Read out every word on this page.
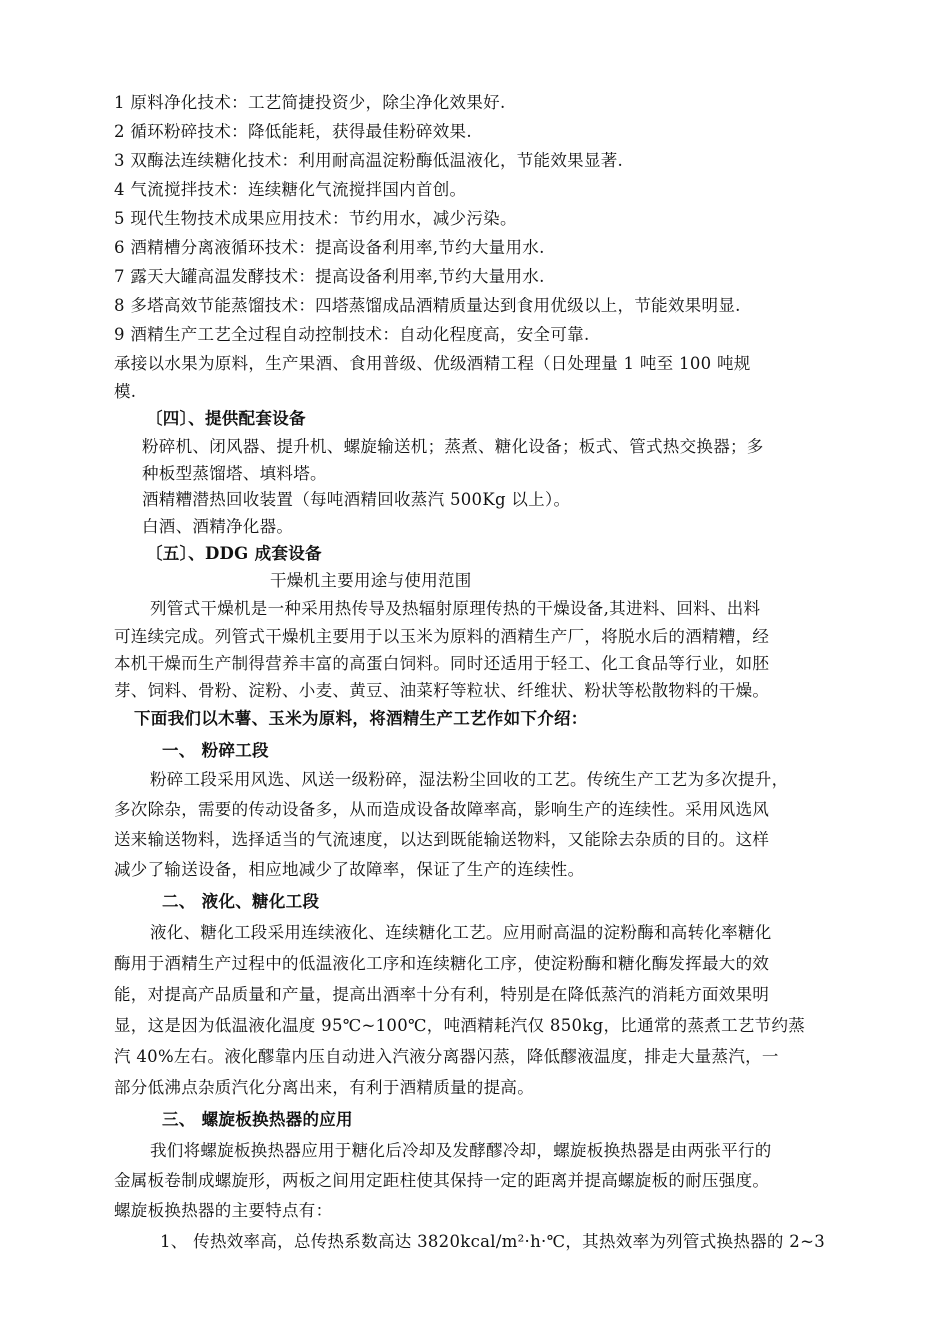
1 原料净化技术：工艺简捷投资少，除尘净化效果好.
2 循环粉碎技术：降低能耗，获得最佳粉碎效果.
3 双酶法连续糖化技术：利用耐高温淀粉酶低温液化，节能效果显著.
4 气流搅拌技术：连续糖化气流搅拌国内首创。
5 现代生物技术成果应用技术：节约用水，减少污染。
6 酒精槽分离液循环技术：提高设备利用率,节约大量用水.
7 露天大罐高温发酵技术：提高设备利用率,节约大量用水.
8 多塔高效节能蒸馏技术：四塔蒸馏成品酒精质量达到食用优级以上，节能效果明显.
9 酒精生产工艺全过程自动控制技术：自动化程度高，安全可靠.
承接以水果为原料，生产果酒、食用普级、优级酒精工程（日处理量 1 吨至 100 吨规
模.
〔四〕、提供配套设备
粉碎机、闭风器、提升机、螺旋输送机；蒸煮、糖化设备；板式、管式热交换器；多
种板型蒸馏塔、填料塔。
酒精糟潜热回收装置（每吨酒精回收蒸汽 500Kg 以上）。
白酒、酒精净化器。
〔五〕、DDG 成套设备
干燥机主要用途与使用范围
列管式干燥机是一种采用热传导及热辐射原理传热的干燥设备,其进料、回料、出料
可连续完成。列管式干燥机主要用于以玉米为原料的酒精生产厂，将脱水后的酒精糟，经
本机干燥而生产制得营养丰富的高蛋白饲料。同时还适用于轻工、化工食品等行业，如胚
芽、饲料、骨粉、淀粉、小麦、黄豆、油菜籽等粒状、纤维状、粉状等松散物料的干燥。
下面我们以木薯、玉米为原料，将酒精生产工艺作如下介绍：
一、 粉碎工段
粉碎工段采用风选、风送一级粉碎，湿法粉尘回收的工艺。传统生产工艺为多次提升，
多次除杂，需要的传动设备多，从而造成设备故障率高，影响生产的连续性。采用风选风
送来输送物料，选择适当的气流速度，以达到既能输送物料，又能除去杂质的目的。这样
减少了输送设备，相应地减少了故障率，保证了生产的连续性。
二、 液化、糖化工段
液化、糖化工段采用连续液化、连续糖化工艺。应用耐高温的淀粉酶和高转化率糖化
酶用于酒精生产过程中的低温液化工序和连续糖化工序，使淀粉酶和糖化酶发挥最大的效
能，对提高产品质量和产量，提高出酒率十分有利，特别是在降低蒸汽的消耗方面效果明
显，这是因为低温液化温度 95℃~100℃，吨酒精耗汽仅 850kg，比通常的蒸煮工艺节约蒸
汽 40%左右。液化醪靠内压自动进入汽液分离器闪蒸，降低醪液温度，排走大量蒸汽，一
部分低沸点杂质汽化分离出来，有利于酒精质量的提高。
三、 螺旋板换热器的应用
我们将螺旋板换热器应用于糖化后冷却及发酵醪冷却，螺旋板换热器是由两张平行的
金属板卷制成螺旋形，两板之间用定距柱使其保持一定的距离并提高螺旋板的耐压强度。
螺旋板换热器的主要特点有：
1、 传热效率高，总传热系数高达 3820kcal/m²·h·℃，其热效率为列管式换热器的 2~3
